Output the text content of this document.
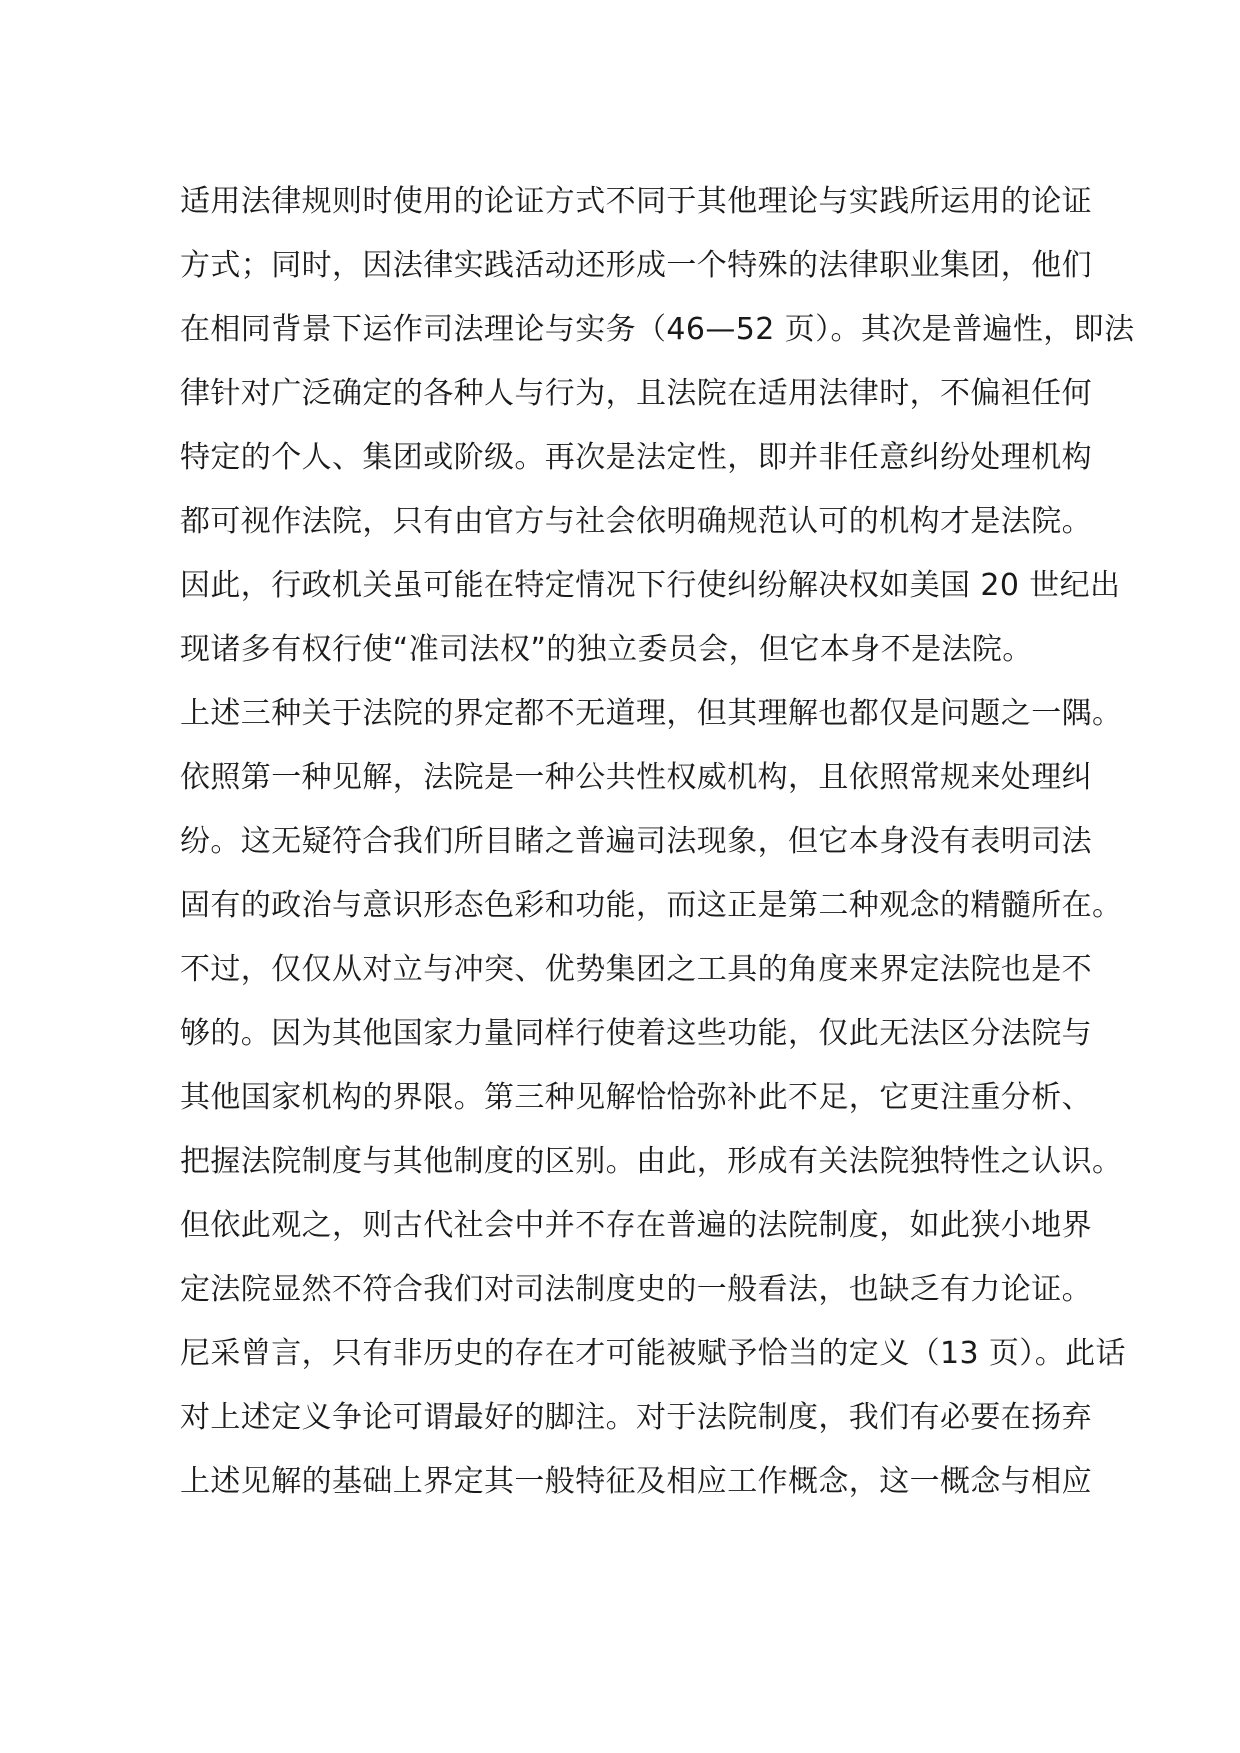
适用法律规则时使用的论证方式不同于其他理论与实践所运用的论证
方式；同时，因法律实践活动还形成一个特殊的法律职业集团，他们
在相同背景下运作司法理论与实务（46—52 页）。其次是普遍性，即法
律针对广泛确定的各种人与行为，且法院在适用法律时，不偏袒任何
特定的个人、集团或阶级。再次是法定性，即并非任意纠纷处理机构
都可视作法院，只有由官方与社会依明确规范认可的机构才是法院。
因此，行政机关虽可能在特定情况下行使纠纷解决权如美国 20 世纪出
现诸多有权行使“准司法权”的独立委员会，但它本身不是法院。
上述三种关于法院的界定都不无道理，但其理解也都仅是问题之一隅。
依照第一种见解，法院是一种公共性权威机构，且依照常规来处理纠
纷。这无疑符合我们所目睹之普遍司法现象，但它本身没有表明司法
固有的政治与意识形态色彩和功能，而这正是第二种观念的精髓所在。
不过，仅仅从对立与冲突、优势集团之工具的角度来界定法院也是不
够的。因为其他国家力量同样行使着这些功能，仅此无法区分法院与
其他国家机构的界限。第三种见解恰恰弥补此不足，它更注重分析、
把握法院制度与其他制度的区别。由此，形成有关法院独特性之认识。
但依此观之，则古代社会中并不存在普遍的法院制度，如此狭小地界
定法院显然不符合我们对司法制度史的一般看法，也缺乏有力论证。
尼采曾言，只有非历史的存在才可能被赋予恰当的定义（13 页）。此话
对上述定义争论可谓最好的脚注。对于法院制度，我们有必要在扬弃
上述见解的基础上界定其一般特征及相应工作概念，这一概念与相应
